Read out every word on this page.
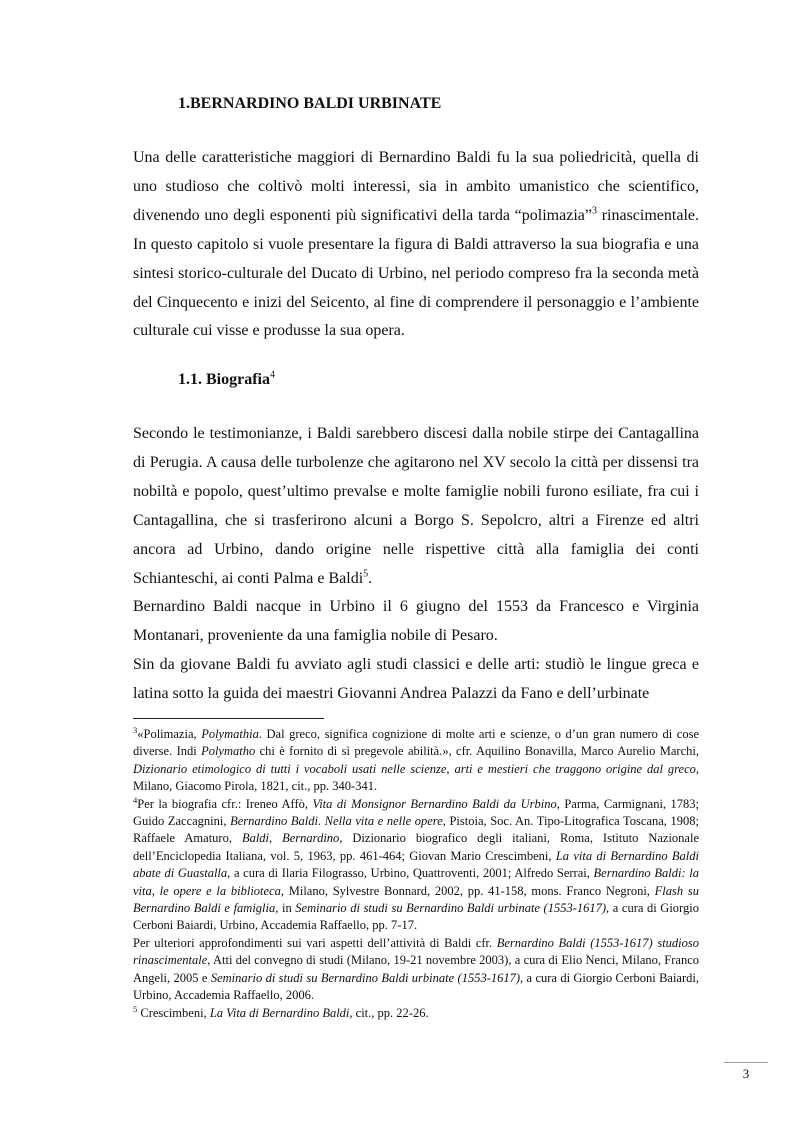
1.BERNARDINO BALDI URBINATE

Una delle caratteristiche maggiori di Bernardino Baldi fu la sua poliedricità, quella di uno studioso che coltivò molti interessi, sia in ambito umanistico che scientifico, divenendo uno degli esponenti più significativi della tarda “polimazia”$^3$ rinascimentale. In questo capitolo si vuole presentare la figura di Baldi attraverso la sua biografia e una sintesi storico-culturale del Ducato di Urbino, nel periodo compreso fra la seconda metà del Cinquecento e inizi del Seicento, al fine di comprendere il personaggio e l’ambiente culturale cui visse e produsse la sua opera.

1.1. Biografia$^4$

Secondo le testimonianze, i Baldi sarebbero discesi dalla nobile stirpe dei Cantagallina di Perugia. A causa delle turbolenze che agitarono nel XV secolo la città per dissensi tra nobiltà e popolo, quest’ultimo prevalse e molte famiglie nobili furono esiliate, fra cui i Cantagallina, che si trasferirono alcuni a Borgo S. Sepolcro, altri a Firenze ed altri ancora ad Urbino, dando origine nelle rispettive città alla famiglia dei conti Schianteschi, ai conti Palma e Baldi$^5$.

Bernardino Baldi nacque in Urbino il 6 giugno del 1553 da Francesco e Virginia Montanari, proveniente da una famiglia nobile di Pesaro.

Sin da giovane Baldi fu avviato agli studi classici e delle arti: studiò le lingue greca e latina sotto la guida dei maestri Giovanni Andrea Palazzi da Fano e dell’urbinate

$^3$«Polimazia, Polymathia. Dal greco, significa cognizione di molte arti e scienze, o d’un gran numero di cose diverse. Indi Polymatho chi è fornito di sì pregevole abilità.», cfr. Aquilino Bonavilla, Marco Aurelio Marchi, Dizionario etimologico di tutti i vocaboli usati nelle scienze, arti e mestieri che traggono origine dal greco, Milano, Giacomo Pirola, 1821, cit., pp. 340-341.

$^4$Per la biografia cfr.: Ireneo Affò, Vita di Monsignor Bernardino Baldi da Urbino, Parma, Carmignani, 1783; Guido Zaccagnini, Bernardino Baldi. Nella vita e nelle opere, Pistoia, Soc. An. Tipo-Litografica Toscana, 1908; Raffaele Amaturo, Baldi, Bernardino, Dizionario biografico degli italiani, Roma, Istituto Nazionale dell’Enciclopedia Italiana, vol. 5, 1963, pp. 461-464; Giovan Mario Crescimbeni, La vita di Bernardino Baldi abate di Guastalla, a cura di Ilaria Filograsso, Urbino, Quattroventi, 2001; Alfredo Serrai, Bernardino Baldi: la vita, le opere e la biblioteca, Milano, Sylvestre Bonnard, 2002, pp. 41-158, mons. Franco Negroni, Flash su Bernardino Baldi e famiglia, in Seminario di studi su Bernardino Baldi urbinate (1553-1617), a cura di Giorgio Cerboni Baiardi, Urbino, Accademia Raffaello, pp. 7-17.

Per ulteriori approfondimenti sui vari aspetti dell’attività di Baldi cfr. Bernardino Baldi (1553-1617) studioso rinascimentale, Atti del convegno di studi (Milano, 19-21 novembre 2003), a cura di Elio Nenci, Milano, Franco Angeli, 2005 e Seminario di studi su Bernardino Baldi urbinate (1553-1617), a cura di Giorgio Cerboni Baiardi, Urbino, Accademia Raffaello, 2006.

$^5$ Crescimbeni, La Vita di Bernardino Baldi, cit., pp. 22-26.

3
